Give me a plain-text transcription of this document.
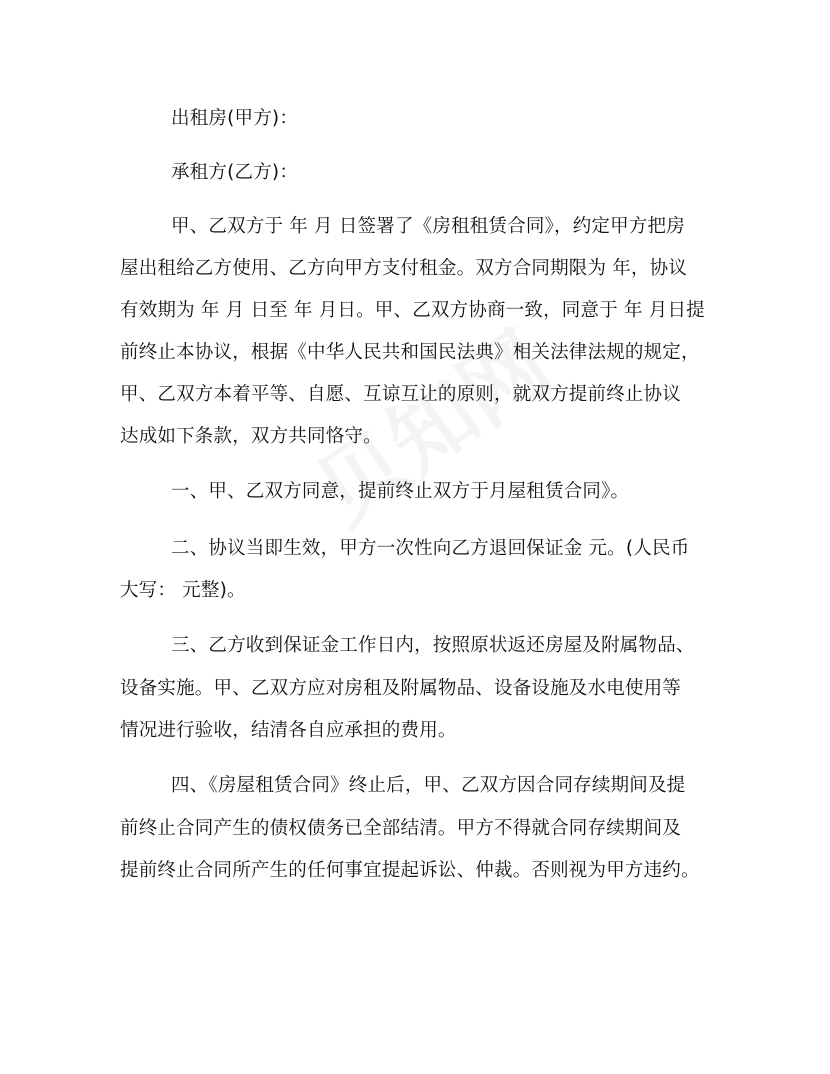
出租房(甲方)：
承租方(乙方)：
甲、乙双方于 年 月 日签署了《房租租赁合同》，约定甲方把房
屋出租给乙方使用、乙方向甲方支付租金。双方合同期限为 年，协议
有效期为 年 月 日至 年 月日。甲、乙双方协商一致，同意于 年 月日提
前终止本协议，根据《中华人民共和国民法典》相关法律法规的规定，
甲、乙双方本着平等、自愿、互谅互让的原则，就双方提前终止协议
达成如下条款，双方共同恪守。
一、甲、乙双方同意，提前终止双方于月屋租赁合同》。
二、协议当即生效，甲方一次性向乙方退回保证金 元。(人民币
大写： 元整)。
三、乙方收到保证金工作日内，按照原状返还房屋及附属物品、
设备实施。甲、乙双方应对房租及附属物品、设备设施及水电使用等
情况进行验收，结清各自应承担的费用。
四、《房屋租赁合同》终止后，甲、乙双方因合同存续期间及提
前终止合同产生的债权债务已全部结清。甲方不得就合同存续期间及
提前终止合同所产生的任何事宜提起诉讼、仲裁。否则视为甲方违约。
